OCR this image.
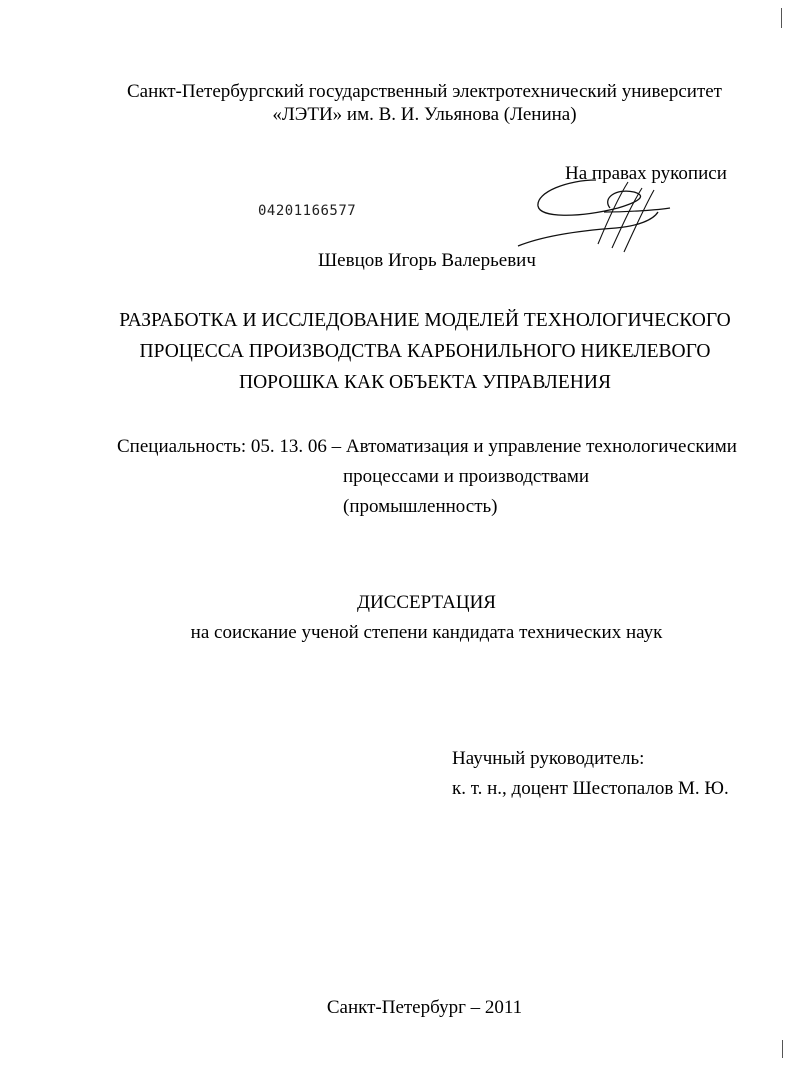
Санкт-Петербургский государственный электротехнический университет
«ЛЭТИ» им. В. И. Ульянова (Ленина)
На правах рукописи
04201166577
Шевцов Игорь Валерьевич
РАЗРАБОТКА И ИССЛЕДОВАНИЕ МОДЕЛЕЙ ТЕХНОЛОГИЧЕСКОГО
ПРОЦЕССА ПРОИЗВОДСТВА КАРБОНИЛЬНОГО НИКЕЛЕВОГО
ПОРОШКА КАК ОБЪЕКТА УПРАВЛЕНИЯ
Специальность: 05. 13. 06 – Автоматизация и управление технологическими
процессами и производствами
(промышленность)
ДИССЕРТАЦИЯ
на соискание ученой степени кандидата технических наук
Научный руководитель:
к. т. н., доцент Шестопалов М. Ю.
Санкт-Петербург – 2011
